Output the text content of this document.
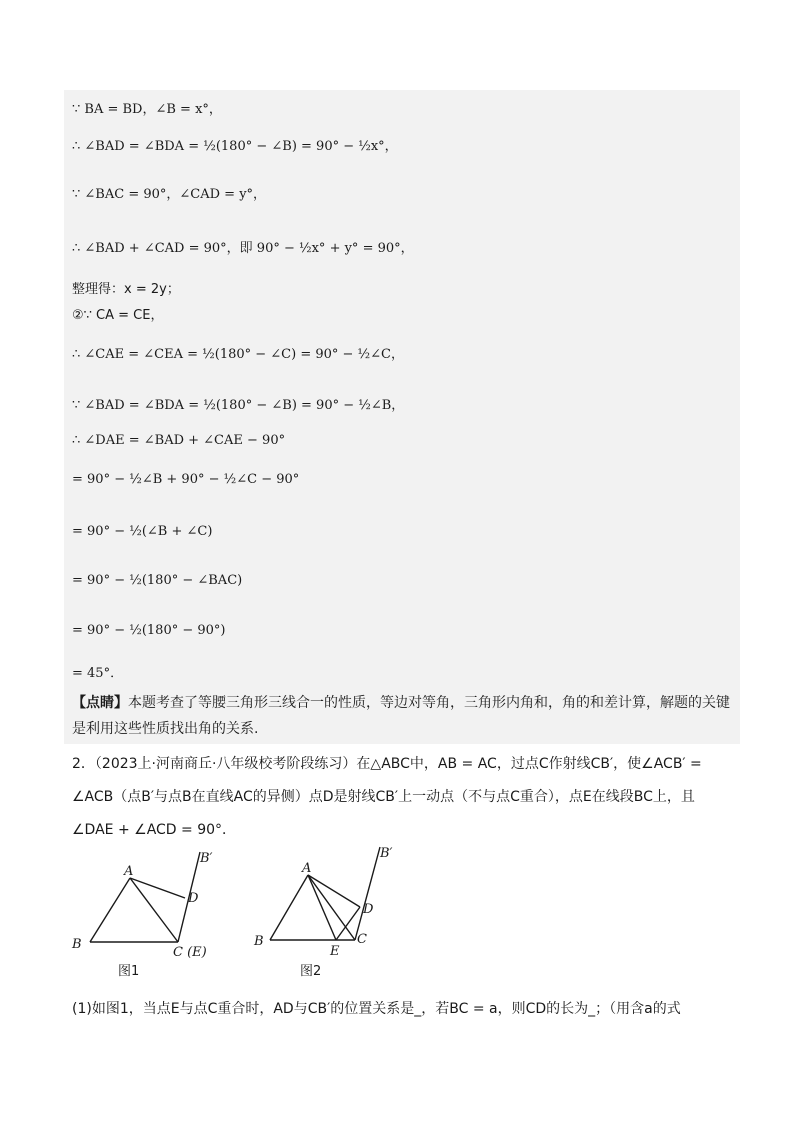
∵ BA = BD，∠B = x°，
∴ ∠BAD = ∠BDA = ½(180° − ∠B) = 90° − ½x°，
∵ ∠BAC = 90°，∠CAD = y°，
∴ ∠BAD + ∠CAD = 90°，即 90° − ½x° + y° = 90°，
整理得：x = 2y；
②∵ CA = CE，
∴ ∠CAE = ∠CEA = ½(180° − ∠C) = 90° − ½∠C，
∵ ∠BAD = ∠BDA = ½(180° − ∠B) = 90° − ½∠B，
∴ ∠DAE = ∠BAD + ∠CAE − 90°
= 90° − ½∠B + 90° − ½∠C − 90°
= 90° − ½(∠B + ∠C)
= 90° − ½(180° − ∠BAC)
= 90° − ½(180° − 90°)
= 45°．
【点睛】本题考查了等腰三角形三线合一的性质，等边对等角，三角形内角和，角的和差计算，解题的关键是利用这些性质找出角的关系.
2．（2023上·河南商丘·八年级校考阶段练习）在△ABC中，AB = AC，过点C作射线CB′，使∠ACB′ = ∠ACB（点B′与点B在直线AC的异侧）点D是射线CB′上一动点（不与点C重合），点E在线段BC上，且∠DAE + ∠ACD = 90°．
A
B
C (E)
D
B′
图1
A
B	C
D
E
B′
图2
(1)如图1，当点E与点C重合时，AD与CB′的位置关系是_，若BC = a，则CD的长为_；（用含a的式
